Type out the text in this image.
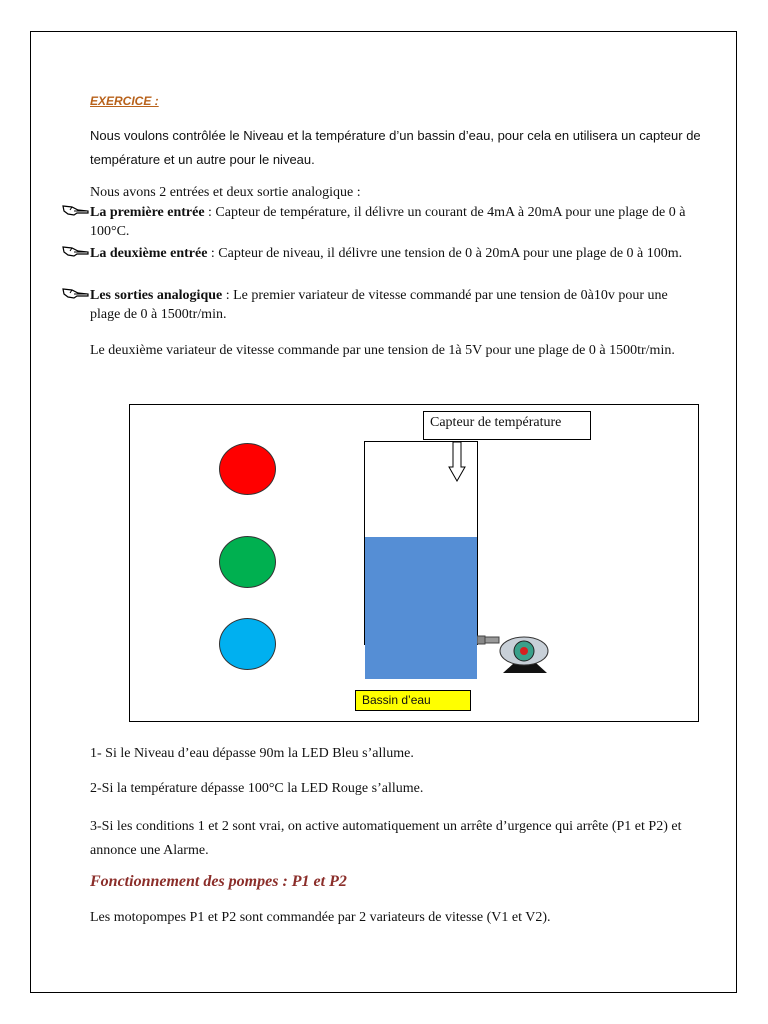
EXERCICE :
Nous voulons contrôlée le Niveau et la température d’un bassin d’eau, pour cela en utilisera un capteur de température et un autre pour le niveau.
Nous avons 2 entrées et deux sortie analogique :
La première entrée : Capteur de température, il délivre un courant de 4mA à 20mA pour une plage de 0 à 100°C.
La deuxième entrée : Capteur de niveau, il délivre une tension de 0 à 20mA pour une plage de 0 à 100m.
Les sorties analogique : Le premier variateur de vitesse commandé par une tension de 0à10v pour une plage de 0 à 1500tr/min.
Le deuxième variateur de vitesse commande par une tension de 1à 5V pour une plage de 0 à 1500tr/min.
Capteur de température
Bassin d’eau
1- Si le Niveau d’eau dépasse 90m la LED Bleu s’allume.
2-Si la température dépasse 100°C la LED Rouge s’allume.
3-Si les conditions 1 et 2 sont vrai, on active automatiquement un arrête d’urgence qui arrête (P1 et P2) et annonce une Alarme.
Fonctionnement des pompes : P1 et P2
Les motopompes P1 et P2 sont commandée par 2 variateurs de vitesse (V1 et V2).
